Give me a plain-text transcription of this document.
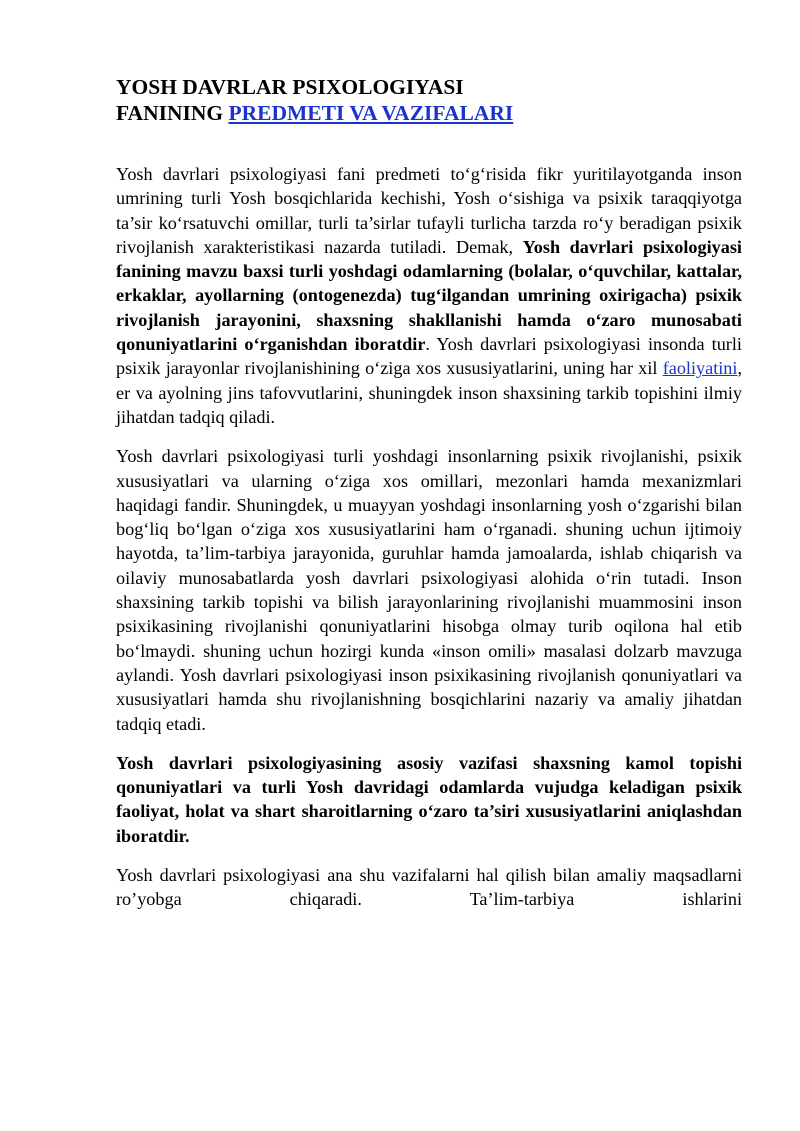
YOSH DAVRLAR PSIXOLOGIYASI
FANINING PREDMETI VA VAZIFALARI

Yosh davrlari psixologiyasi fani predmeti to‘g‘risida fikr yuritilayotganda inson umrining turli Yosh bosqichlarida kechishi, Yosh o‘sishiga va psixik taraqqiyotga ta’sir ko‘rsatuvchi omillar, turli ta’sirlar tufayli turlicha tarzda ro‘y beradigan psixik rivojlanish xarakteristikasi nazarda tutiladi. Demak, Yosh davrlari psixologiyasi fanining mavzu baxsi turli yoshdagi odamlarning (bolalar, o‘quvchilar, kattalar, erkaklar, ayollarning (ontogenezda) tug‘ilgandan umrining oxirigacha) psixik rivojlanish jarayonini, shaxsning shakllanishi hamda o‘zaro munosabati qonuniyatlarini o‘rganishdan iboratdir. Yosh davrlari psixologiyasi insonda turli psixik jarayonlar rivojlanishining o‘ziga xos xususiyatlarini, uning har xil faoliyatini, er va ayolning jins tafovvutlarini, shuningdek inson shaxsining tarkib topishini ilmiy jihatdan tadqiq qiladi.

Yosh davrlari psixologiyasi turli yoshdagi insonlarning psixik rivojlanishi, psixik xususiyatlari va ularning o‘ziga xos omillari, mezonlari hamda mexanizmlari haqidagi fandir. Shuningdek, u muayyan yoshdagi insonlarning yosh o‘zgarishi bilan bog‘liq bo‘lgan o‘ziga xos xususiyatlarini ham o‘rganadi. shuning uchun ijtimoiy hayotda, ta’lim-tarbiya jarayonida, guruhlar hamda jamoalarda, ishlab chiqarish va oilaviy munosabatlarda yosh davrlari psixologiyasi alohida o‘rin tutadi. Inson shaxsining tarkib topishi va bilish jarayonlarining rivojlanishi muammosini inson psixikasining rivojlanishi qonuniyatlarini hisobga olmay turib oqilona hal etib bo‘lmaydi. shuning uchun hozirgi kunda «inson omili» masalasi dolzarb mavzuga aylandi. Yosh davrlari psixologiyasi inson psixikasining rivojlanish qonuniyatlari va xususiyatlari hamda shu rivojlanishning bosqichlarini nazariy va amaliy jihatdan tadqiq etadi.

Yosh davrlari psixologiyasining asosiy vazifasi shaxsning kamol topishi qonuniyatlari va turli Yosh davridagi odamlarda vujudga keladigan psixik faoliyat, holat va shart sharoitlarning o‘zaro ta’siri xususiyatlarini aniqlashdan iboratdir.

Yosh davrlari psixologiyasi ana shu vazifalarni hal qilish bilan amaliy maqsadlarni ro’yobga chiqaradi. Ta’lim-tarbiya ishlarini
